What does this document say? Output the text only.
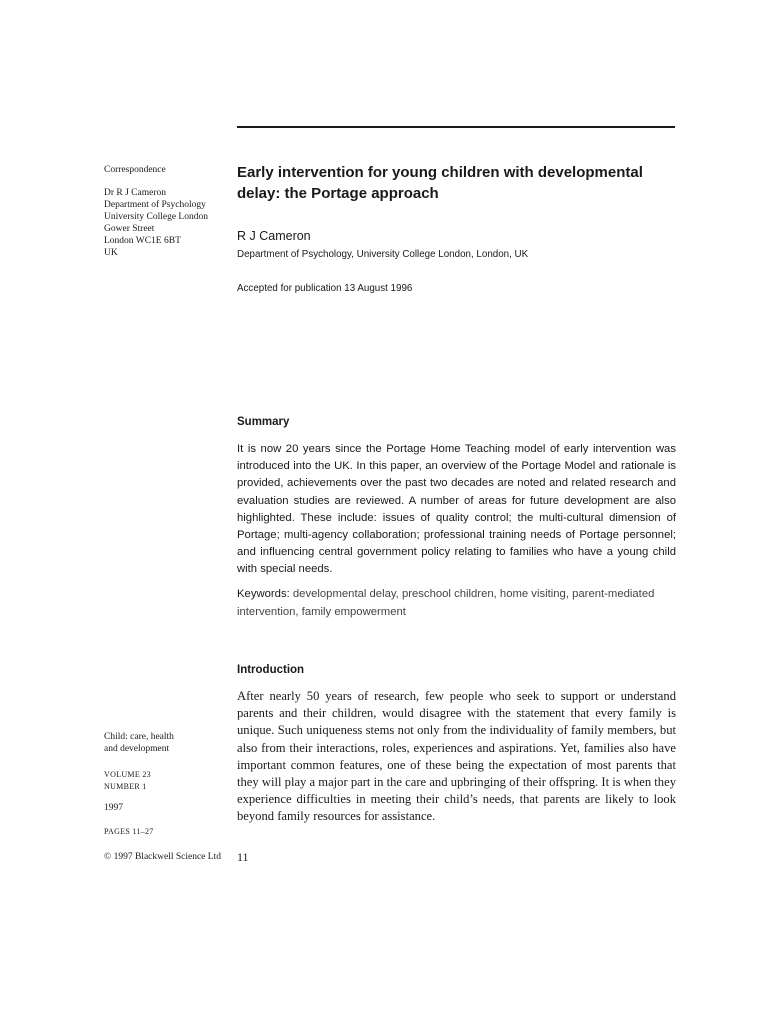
Correspondence
Dr R J Cameron
Department of Psychology
University College London
Gower Street
London WC1E 6BT
UK
Early intervention for young children with developmental delay: the Portage approach
R J Cameron
Department of Psychology, University College London, London, UK
Accepted for publication 13 August 1996
Summary
It is now 20 years since the Portage Home Teaching model of early intervention was introduced into the UK. In this paper, an overview of the Portage Model and rationale is provided, achievements over the past two decades are noted and related research and evaluation studies are reviewed. A number of areas for future development are also highlighted. These include: issues of quality control; the multi-cultural dimension of Portage; multi-agency collaboration; professional training needs of Portage personnel; and influencing central government policy relating to families who have a young child with special needs.
Keywords: developmental delay, preschool children, home visiting, parent-mediated intervention, family empowerment
Introduction
After nearly 50 years of research, few people who seek to support or understand parents and their children, would disagree with the statement that every family is unique. Such uniqueness stems not only from the individuality of family members, but also from their interactions, roles, experiences and aspirations. Yet, families also have important common features, one of these being the expectation of most parents that they will play a major part in the care and upbringing of their offspring. It is when they experience difficulties in meeting their child’s needs, that parents are likely to look beyond family resources for assistance.
Child: care, health
and development
VOLUME 23
NUMBER 1
1997
PAGES 11–27
© 1997 Blackwell Science Ltd	11
